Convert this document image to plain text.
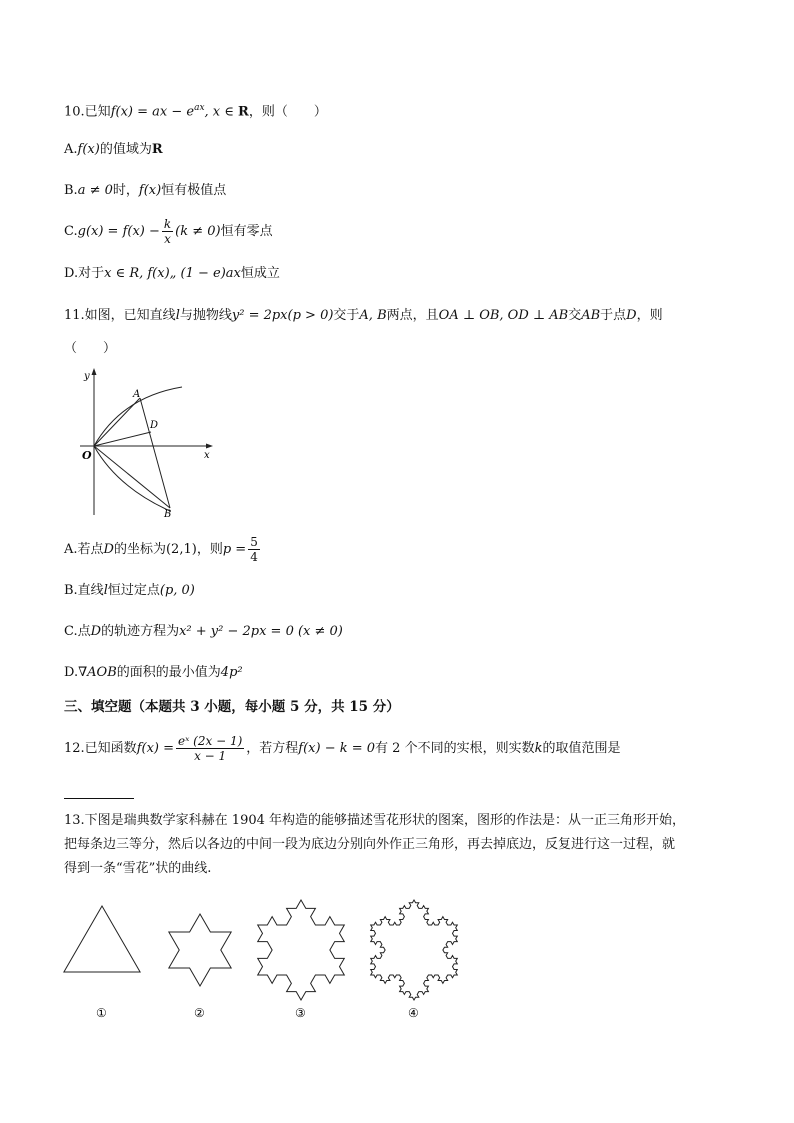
10.已知f(x) = ax − $e^{ax}$, x ∈ R，则（　　）
A.f(x)的值域为R
B.a ≠ 0时，f(x)恒有极值点
$C.g(x) = f(x) - \frac{k}{x} (k \ne 0)$恒有零点
D.对于x ∈ R, f(x)„ (1 − e)ax恒成立
11.如图，已知直线l与抛物线y² = 2px(p > 0)交于A, B两点，且OA ⊥ OB, OD ⊥ AB交AB于点D，则
（　　）
y
x
O
A
D
B
A.若点D的坐标为(2,1)，则$p = \frac{5}{4}$
B.直线l恒过定点(p, 0)
C.点D的轨迹方程为x² + y² − 2px = 0 (x ≠ 0)
D.∇AOB的面积的最小值为4p²
三、填空题（本题共 3 小题，每小题 5 分，共 15 分）
12.已知函数$f(x) = \frac{\text{eˣ (2x − 1)}}{x - 1}$ ，若方程f(x) − k = 0有 2 个不同的实根，则实数k的取值范围是
13.下图是瑞典数学家科赫在 1904 年构造的能够描述雪花形状的图案，图形的作法是：从一正三角形开始，
把每条边三等分，然后以各边的中间一段为底边分别向外作正三角形，再去掉底边，反复进行这一过程，就
得到一条“雪花”状的曲线.
①	②	③	④
